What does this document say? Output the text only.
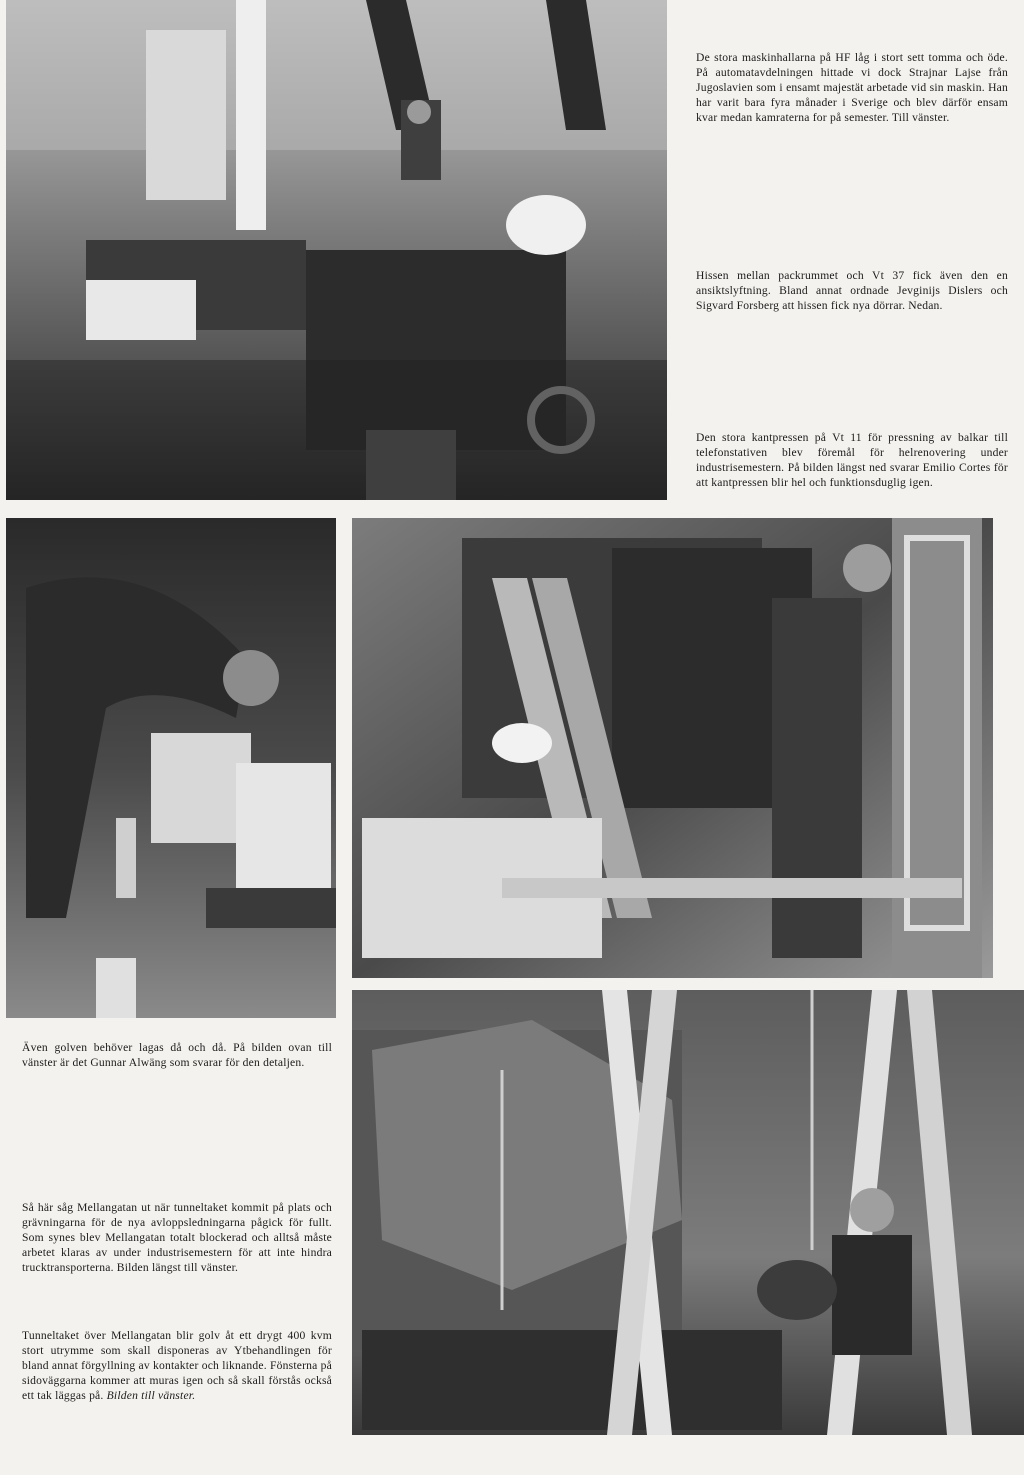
De stora maskinhallarna på HF låg i stort sett tomma och öde. På automatavdelningen hittade vi dock Strajnar Lajse från Jugoslavien som i ensamt majestät arbetade vid sin maskin. Han har varit bara fyra månader i Sverige och blev därför ensam kvar medan kamraterna for på semester. Till vänster.

Hissen mellan packrummet och Vt 37 fick även den en ansiktslyftning. Bland annat ordnade Jevginijs Dislers och Sigvard Forsberg att hissen fick nya dörrar. Nedan.

Den stora kantpressen på Vt 11 för pressning av balkar till telefonstativen blev föremål för helrenovering under industrisemestern. På bilden längst ned svarar Emilio Cortes för att kantpressen blir hel och funktionsduglig igen.

Även golven behöver lagas då och då. På bilden ovan till vänster är det Gunnar Alwäng som svarar för den detaljen.

Så här såg Mellangatan ut när tunneltaket kommit på plats och grävningarna för de nya avloppsledningarna pågick för fullt. Som synes blev Mellangatan totalt blockerad och alltså måste arbetet klaras av under industrisemestern för att inte hindra trucktransporterna. Bilden längst till vänster.

Tunneltaket över Mellangatan blir golv åt ett drygt 400 kvm stort utrymme som skall disponeras av Ytbehandlingen för bland annat förgyllning av kontakter och liknande. Fönsterna på sidoväggarna kommer att muras igen och så skall förstås också ett tak läggas på. Bilden till vänster.
